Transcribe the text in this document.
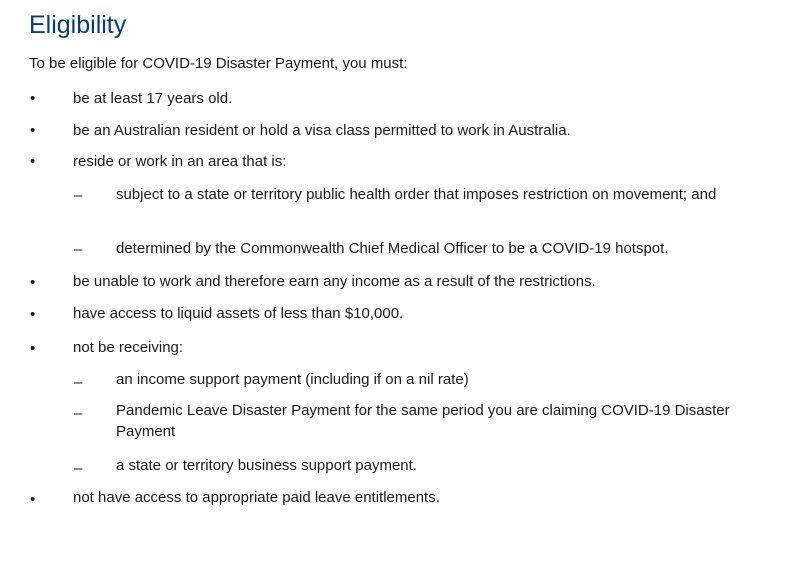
Eligibility
To be eligible for COVID-19 Disaster Payment, you must:
•	be at least 17 years old.
•	be an Australian resident or hold a visa class permitted to work in Australia.
•	reside or work in an area that is:
– subject to a state or territory public health order that imposes restriction on movement; and
– determined by the Commonwealth Chief Medical Officer to be a COVID-19 hotspot.
•	be unable to work and therefore earn any income as a result of the restrictions.
•	have access to liquid assets of less than $10,000.
•	not be receiving:
– an income support payment (including if on a nil rate)
– Pandemic Leave Disaster Payment for the same period you are claiming COVID-19 Disaster Payment
– a state or territory business support payment.
•	not have access to appropriate paid leave entitlements.
